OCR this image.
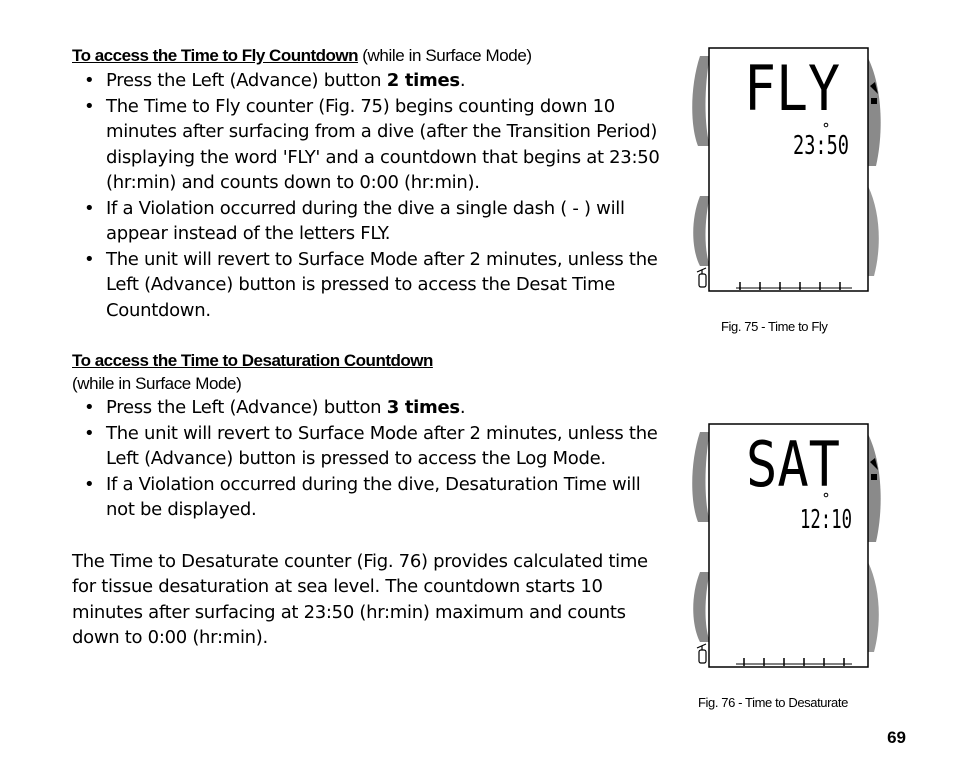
To access the Time to Fly Countdown (while in Surface Mode)

• Press the Left (Advance) button 2 times.
• The Time to Fly counter (Fig. 75) begins counting down 10 minutes after surfacing from a dive (after the Transition Period) displaying the word 'FLY' and a countdown that begins at 23:50 (hr:min) and counts down to 0:00 (hr:min).
• If a Violation occurred during the dive a single dash ( - ) will appear instead of the letters FLY.
• The unit will revert to Surface Mode after 2 minutes, unless the Left (Advance) button is pressed to access the Desat Time Countdown.

To access the Time to Desaturation Countdown

(while in Surface Mode)

• Press the Left (Advance) button 3 times.
• The unit will revert to Surface Mode after 2 minutes, unless the Left (Advance) button is pressed to access the Log Mode.
• If a Violation occurred during the dive, Desaturation Time will not be displayed.

The Time to Desaturate counter (Fig. 76) provides calculated time for tissue desaturation at sea level. The countdown starts 10 minutes after surfacing at 23:50 (hr:min) maximum and counts down to 0:00 (hr:min).

FLY
23:50
Fig. 75 - Time to Fly
SAT
12:10
Fig. 76 - Time to Desaturate
69
